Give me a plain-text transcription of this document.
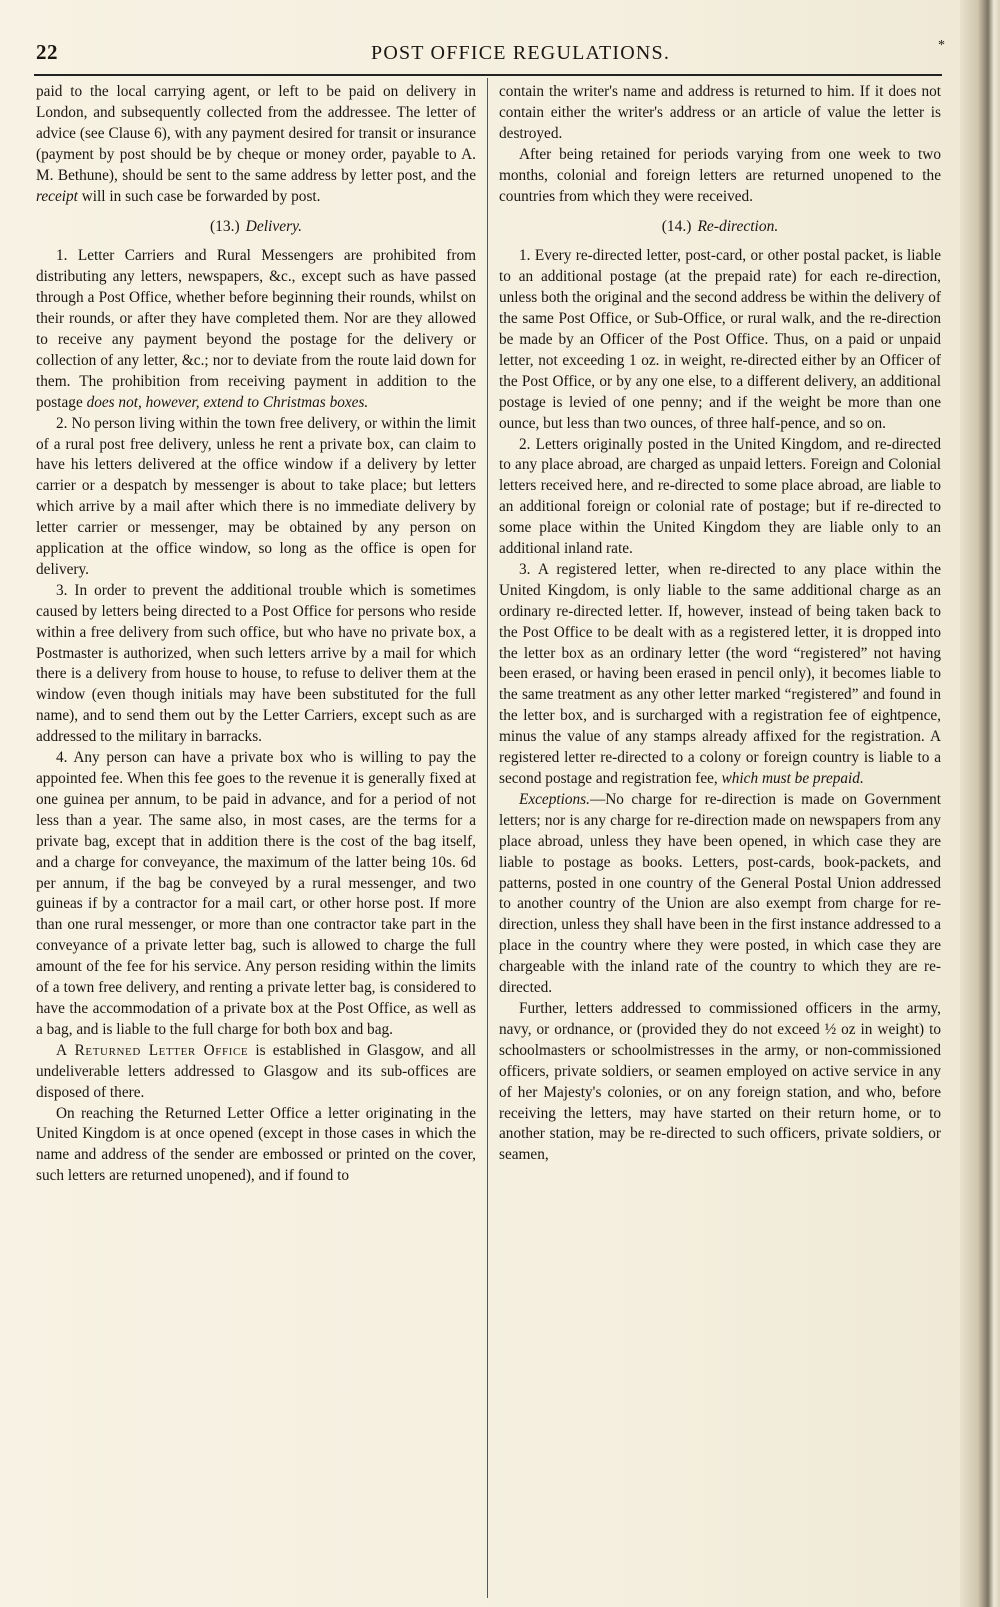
22	POST OFFICE REGULATIONS.	*

paid to the local carrying agent, or left to be paid on delivery in London, and subsequently collected from the addressee. The letter of advice (see Clause 6), with any payment desired for transit or insurance (payment by post should be by cheque or money order, payable to A. M. Bethune), should be sent to the same address by letter post, and the receipt will in such case be forwarded by post.

(13.) Delivery.

1. Letter Carriers and Rural Messengers are prohibited from distributing any letters, newspapers, &c., except such as have passed through a Post Office, whether before beginning their rounds, whilst on their rounds, or after they have completed them. Nor are they allowed to receive any payment beyond the postage for the delivery or collection of any letter, &c.; nor to deviate from the route laid down for them. The prohibition from receiving payment in addition to the postage does not, however, extend to Christmas boxes.

2. No person living within the town free delivery, or within the limit of a rural post free delivery, unless he rent a private box, can claim to have his letters delivered at the office window if a delivery by letter carrier or a despatch by messenger is about to take place; but letters which arrive by a mail after which there is no immediate delivery by letter carrier or messenger, may be obtained by any person on application at the office window, so long as the office is open for delivery.

3. In order to prevent the additional trouble which is sometimes caused by letters being directed to a Post Office for persons who reside within a free delivery from such office, but who have no private box, a Postmaster is authorized, when such letters arrive by a mail for which there is a delivery from house to house, to refuse to deliver them at the window (even though initials may have been substituted for the full name), and to send them out by the Letter Carriers, except such as are addressed to the military in barracks.

4. Any person can have a private box who is willing to pay the appointed fee. When this fee goes to the revenue it is generally fixed at one guinea per annum, to be paid in advance, and for a period of not less than a year. The same also, in most cases, are the terms for a private bag, except that in addition there is the cost of the bag itself, and a charge for conveyance, the maximum of the latter being 10s. 6d per annum, if the bag be conveyed by a rural messenger, and two guineas if by a contractor for a mail cart, or other horse post. If more than one rural messenger, or more than one contractor take part in the conveyance of a private letter bag, such is allowed to charge the full amount of the fee for his service. Any person residing within the limits of a town free delivery, and renting a private letter bag, is considered to have the accommodation of a private box at the Post Office, as well as a bag, and is liable to the full charge for both box and bag.

A Returned Letter Office is established in Glasgow, and all undeliverable letters addressed to Glasgow and its sub-offices are disposed of there.

On reaching the Returned Letter Office a letter originating in the United Kingdom is at once opened (except in those cases in which the name and address of the sender are embossed or printed on the cover, such letters are returned unopened), and if found to

contain the writer's name and address is returned to him. If it does not contain either the writer's address or an article of value the letter is destroyed.

After being retained for periods varying from one week to two months, colonial and foreign letters are returned unopened to the countries from which they were received.

(14.) Re-direction.

1. Every re-directed letter, post-card, or other postal packet, is liable to an additional postage (at the prepaid rate) for each re-direction, unless both the original and the second address be within the delivery of the same Post Office, or Sub-Office, or rural walk, and the re-direction be made by an Officer of the Post Office. Thus, on a paid or unpaid letter, not exceeding 1 oz. in weight, re-directed either by an Officer of the Post Office, or by any one else, to a different delivery, an additional postage is levied of one penny; and if the weight be more than one ounce, but less than two ounces, of three half-pence, and so on.

2. Letters originally posted in the United Kingdom, and re-directed to any place abroad, are charged as unpaid letters. Foreign and Colonial letters received here, and re-directed to some place abroad, are liable to an additional foreign or colonial rate of postage; but if re-directed to some place within the United Kingdom they are liable only to an additional inland rate.

3. A registered letter, when re-directed to any place within the United Kingdom, is only liable to the same additional charge as an ordinary re-directed letter. If, however, instead of being taken back to the Post Office to be dealt with as a registered letter, it is dropped into the letter box as an ordinary letter (the word “registered” not having been erased, or having been erased in pencil only), it becomes liable to the same treatment as any other letter marked “registered” and found in the letter box, and is surcharged with a registration fee of eightpence, minus the value of any stamps already affixed for the registration. A registered letter re-directed to a colony or foreign country is liable to a second postage and registration fee, which must be prepaid.

Exceptions.—No charge for re-direction is made on Government letters; nor is any charge for re-direction made on newspapers from any place abroad, unless they have been opened, in which case they are liable to postage as books. Letters, post-cards, book-packets, and patterns, posted in one country of the General Postal Union addressed to another country of the Union are also exempt from charge for re-direction, unless they shall have been in the first instance addressed to a place in the country where they were posted, in which case they are chargeable with the inland rate of the country to which they are re-directed.

Further, letters addressed to commissioned officers in the army, navy, or ordnance, or (provided they do not exceed ½ oz in weight) to schoolmasters or schoolmistresses in the army, or non-commissioned officers, private soldiers, or seamen employed on active service in any of her Majesty's colonies, or on any foreign station, and who, before receiving the letters, may have started on their return home, or to another station, may be re-directed to such officers, private soldiers, or seamen,
